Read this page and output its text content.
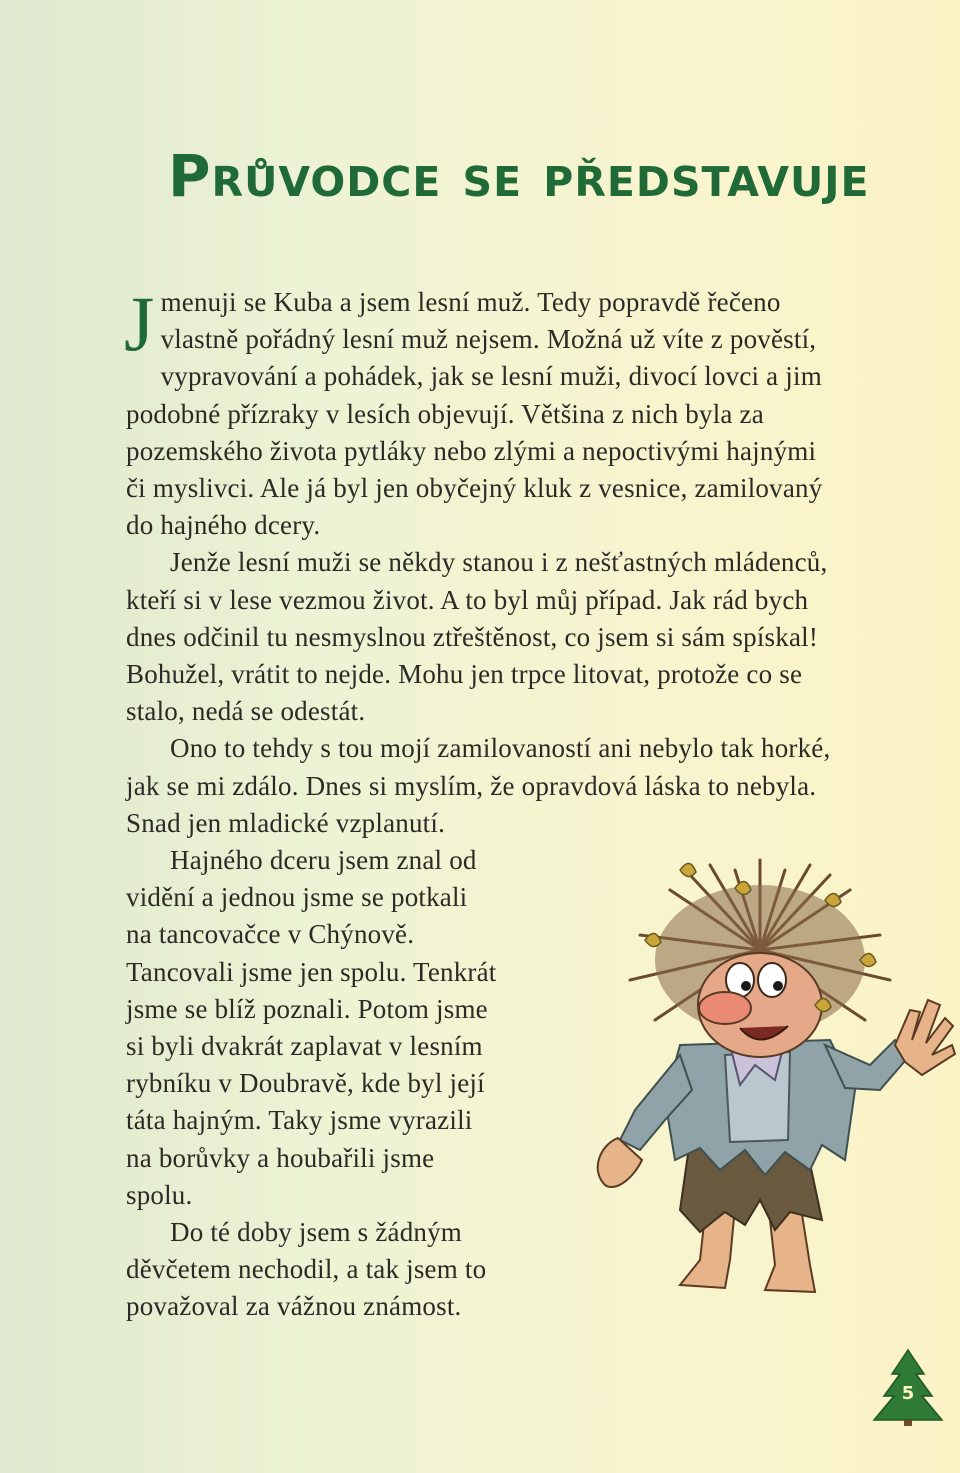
Průvodce se představuje
J menuji se Kuba a jsem lesní muž. Tedy popravdě řečeno
vlastně pořádný lesní muž nejsem. Možná už víte z pověstí,
vypravování a pohádek, jak se lesní muži, divocí lovci a jim
podobné přízraky v lesích objevují. Většina z nich byla za
pozemského života pytláky nebo zlými a nepoctivými hajnými
či myslivci. Ale já byl jen obyčejný kluk z vesnice, zamilovaný
do hajného dcery.
Jenže lesní muži se někdy stanou i z nešťastných mládenců,
kteří si v lese vezmou život. A to byl můj případ. Jak rád bych
dnes odčinil tu nesmyslnou ztřeštěnost, co jsem si sám spískal!
Bohužel, vrátit to nejde. Mohu jen trpce litovat, protože co se
stalo, nedá se odestát.
Ono to tehdy s tou mojí zamilovaností ani nebylo tak horké,
jak se mi zdálo. Dnes si myslím, že opravdová láska to nebyla.
Snad jen mladické vzplanutí.
Hajného dceru jsem znal od
vidění a jednou jsme se potkali
na tancovačce v Chýnově.
Tancovali jsme jen spolu. Tenkrát
jsme se blíž poznali. Potom jsme
si byli dvakrát zaplavat v lesním
rybníku v Doubravě, kde byl její
táta hajným. Taky jsme vyrazili
na borůvky a houbařili jsme
spolu.
Do té doby jsem s žádným
děvčetem nechodil, a tak jsem to
považoval za vážnou známost.
5
